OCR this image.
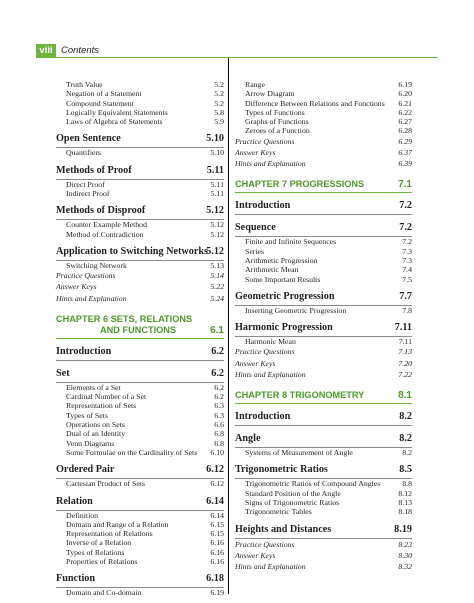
viii Contents
Truth Value	5.2
Negation of a Statement	5.2
Compound Statement	5.2
Logically Equivalent Statements	5.8
Laws of Algebra of Statements	5.9
Open Sentence	5.10
Quantifiers	5.10
Methods of Proof	5.11
Direct Proof	5.11
Indirect Proof	5.11
Methods of Disproof	5.12
Counter Example Method	5.12
Method of Contradiction	5.12
Application to Switching Networks
5.12
Switching Network	5.13
Practice Questions	5.14
Answer Keys	5.22
Hints and Explanation	5.24
CHAPTER 6 SETS, RELATIONS
AND FUNCTIONS	6.1
Introduction	6.2
Set	6.2
Elements of a Set	6.2
Cardinal Number of a Set	6.2
Representation of Sets	6.3
Types of Sets	6.3
Operations on Sets	6.6
Dual of an Identity	6.8
Venn Diagrams	6.8
Some Formulae on the Cardinality of Sets 6.10
Ordered Pair	6.12
Cartesian Product of Sets	6.12
Relation	6.14
Definition	6.14
Domain and Range of a Relation	6.15
Representation of Relations	6.15
Inverse of a Relation	6.16
Types of Relations	6.16
Properties of Relations	6.16
Function	6.18
Domain and Co-domain	6.19
Range	6.19
Arrow Diagram	6.20
Difference Between Relations and Functions 6.21
Types of Functions	6.22
Graphs of Functions	6.27
Zeroes of a Function	6.28
Practice Questions	6.29
Answer Keys	6.37
Hints and Explanation	6.39
CHAPTER 7 PROGRESSIONS	7.1
Introduction	7.2
Sequence	7.2
Finite and Infinite Sequences	7.2
Series	7.3
Arithmetic Progression	7.3
Arithmetic Mean	7.4
Some Important Results	7.5
Geometric Progression	7.7
Inserting Geometric Progression	7.8
Harmonic Progression	7.11
Harmonic Mean	7.11
Practice Questions	7.13
Answer Keys	7.20
Hints and Explanation	7.22
CHAPTER 8 TRIGONOMETRY	8.1
Introduction	8.2
Angle	8.2
Systems of Measurement of Angle	8.2
Trigonometric Ratios	8.5
Trigonometric Ratios of Compound Angles	8.8
Standard Position of the Angle	8.12
Signs of Trigonometric Ratios	8.13
Trigonometric Tables	8.18
Heights and Distances	8.19
Practice Questions	8.23
Answer Keys	8.30
Hints and Explanation	8.32
